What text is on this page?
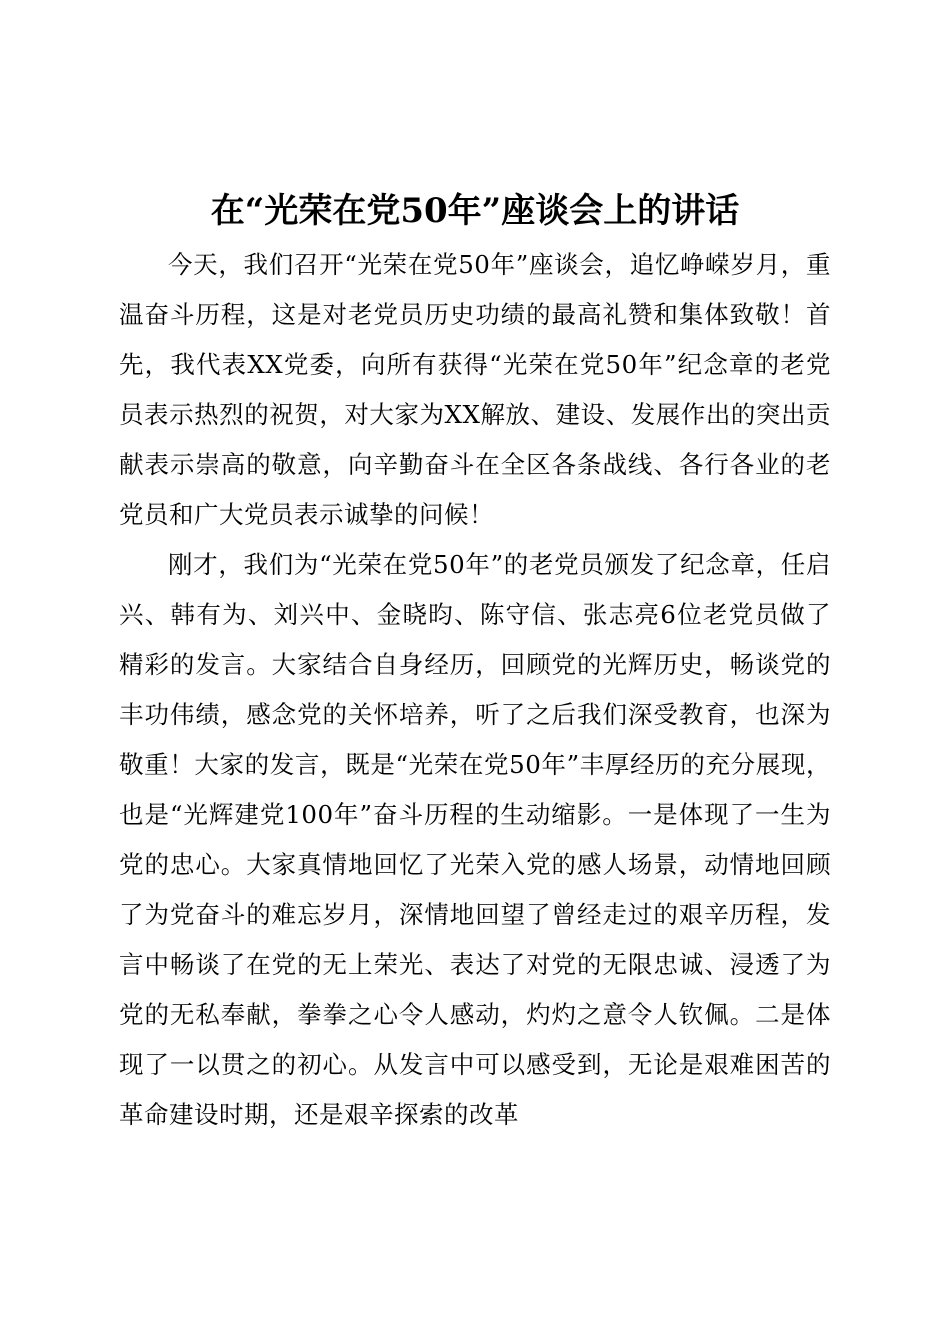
在“光荣在党50年”座谈会上的讲话

今天，我们召开“光荣在党50年”座谈会，追忆峥嵘岁月，重温奋斗历程，这是对老党员历史功绩的最高礼赞和集体致敬！首先，我代表XX党委，向所有获得“光荣在党50年”纪念章的老党员表示热烈的祝贺，对大家为XX解放、建设、发展作出的突出贡献表示崇高的敬意，向辛勤奋斗在全区各条战线、各行各业的老党员和广大党员表示诚挚的问候！

刚才，我们为“光荣在党50年”的老党员颁发了纪念章，任启兴、韩有为、刘兴中、金晓昀、陈守信、张志亮6位老党员做了精彩的发言。大家结合自身经历，回顾党的光辉历史，畅谈党的丰功伟绩，感念党的关怀培养，听了之后我们深受教育，也深为敬重！大家的发言，既是“光荣在党50年”丰厚经历的充分展现，也是“光辉建党100年”奋斗历程的生动缩影。一是体现了一生为党的忠心。大家真情地回忆了光荣入党的感人场景，动情地回顾了为党奋斗的难忘岁月，深情地回望了曾经走过的艰辛历程，发言中畅谈了在党的无上荣光、表达了对党的无限忠诚、浸透了为党的无私奉献，拳拳之心令人感动，灼灼之意令人钦佩。二是体现了一以贯之的初心。从发言中可以感受到，无论是艰难困苦的革命建设时期，还是艰辛探索的改革
